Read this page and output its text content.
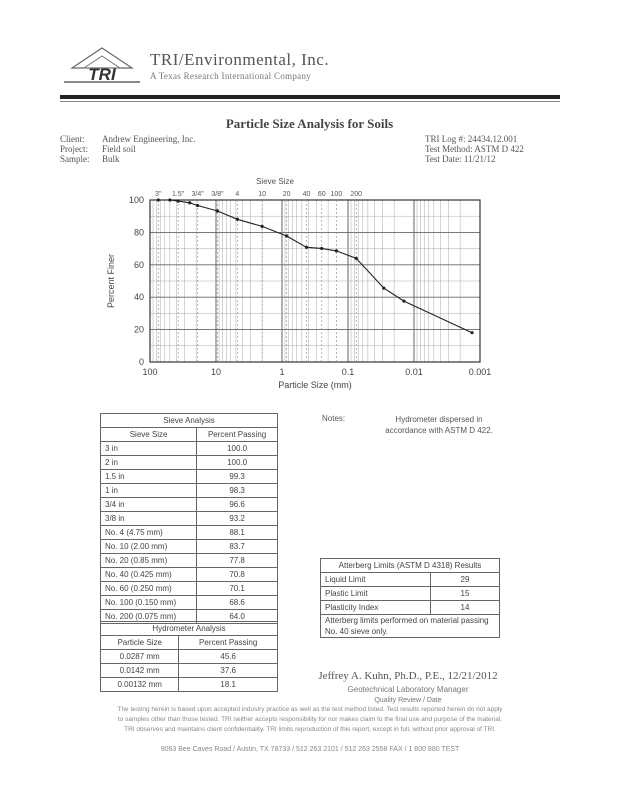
TRI
TRI/Environmental, Inc.
A Texas Research International Company
Particle Size Analysis for Soils
Client: Andrew Engineering, Inc.
Project: Field soil
Sample: Bulk
TRI Log #: 24434.12.001
Test Method: ASTM D 422
Test Date: 11/21/12
3" 1.5" 3/4" 3/8" 4	10 20 40 60 100 200
Sieve Size
100	10	1	0.1	0.01	0.001
Particle Size (mm)
0
20
40
60
80
100
Percent Finer
Sieve Analysis	
Sieve Size	Percent Passing
3 in	100.0
2 in	100.0
1.5 in	99.3
1 in	98.3
3/4 in	96.6
3/8 in	93.2
No. 4 (4.75 mm)	88.1
No. 10 (2.00 mm)	83.7
No. 20 (0.85 mm)	77.8
No. 40 (0.425 mm)	70.8
No. 60 (0.250 mm)	70.1
No. 100 (0.150 mm)	68.6
No. 200 (0.075 mm)	64.0
Hydrometer Analysis	
Particle Size	Percent Passing
0.0287 mm	45.6
0.0142 mm	37.6
0.00132 mm	18.1
Notes:	Hydrometer dispersed in accordance with ASTM D 422.
Atterberg Limits (ASTM D 4318) Results	
Liquid Limit	29
Plastic Limit	15
Plasticity Index	14
Atterberg limits performed on material passing No. 40 sieve only.	
Jeffrey A. Kuhn, Ph.D., P.E., 12/21/2012
Geotechnical Laboratory Manager
Quality Review / Date
The testing herein is based upon accepted industry practice as well as the test method listed. Test results reported herein do not apply
to samples other than those tested. TRI neither accepts responsibility for nor makes claim to the final use and purpose of the material.
TRI observes and maintains client confidentiality. TRI limits reproduction of this report, except in full, without prior approval of TRI.
9063 Bee Caves Road / Austin, TX 78733 / 512 263 2101 / 512 263 2558 FAX / 1 800 880 TEST
